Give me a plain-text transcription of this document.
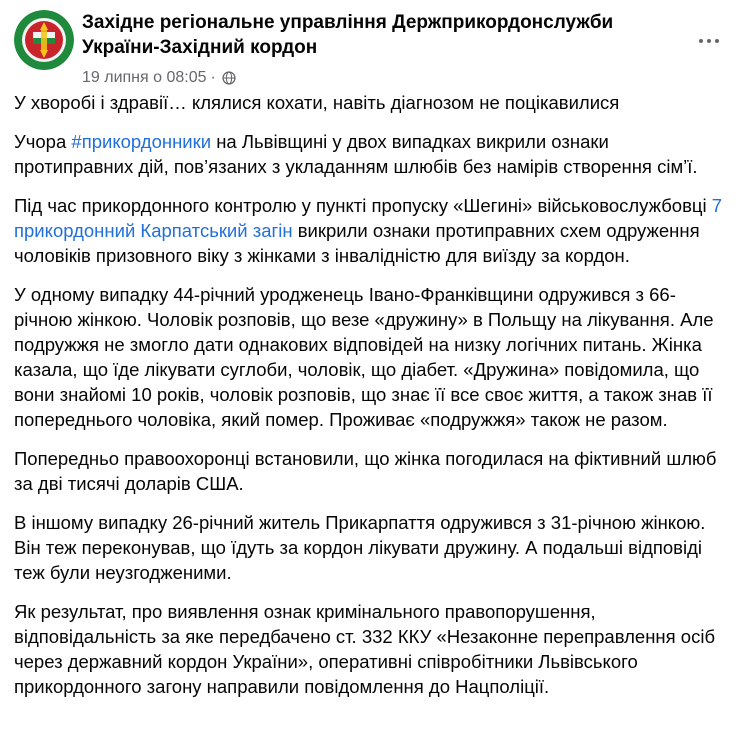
Західне регіональне управління Держприкордонслужби України-Західний кордон
19 липня о 08:05 ·

У хворобі і здравії… клялися кохати, навіть діагнозом не поцікавилися

Учора #прикордонники на Львівщині у двох випадках викрили ознаки протиправних дій, пов’язаних з укладанням шлюбів без намірів створення сім’ї.

Під час прикордонного контролю у пункті пропуску «Шегині» військовослужбовці 7 прикордонний Карпатський загін викрили ознаки протиправних схем одруження чоловіків призовного віку з жінками з інвалідністю для виїзду за кордон.

У одному випадку 44-річний уродженець Івано-Франківщини одружився з 66-річною жінкою. Чоловік розповів, що везе «дружину» в Польщу на лікування. Але подружжя не змогло дати однакових відповідей на низку логічних питань. Жінка казала, що їде лікувати суглоби, чоловік, що діабет. «Дружина» повідомила, що вони знайомі 10 років, чоловік розповів, що знає її все своє життя, а також знав її попереднього чоловіка, який помер. Проживає «подружжя» також не разом.

Попередньо правоохоронці встановили, що жінка погодилася на фіктивний шлюб за дві тисячі доларів США.

В іншому випадку 26-річний житель Прикарпаття одружився з 31-річною жінкою. Він теж переконував, що їдуть за кордон лікувати дружину. А подальші відповіді теж були неузгодженими.

Як результат, про виявлення ознак кримінального правопорушення, відповідальність за яке передбачено ст. 332 ККУ «Незаконне переправлення осіб через державний кордон України», оперативні співробітники Львівського прикордонного загону направили повідомлення до Нацполіції.
